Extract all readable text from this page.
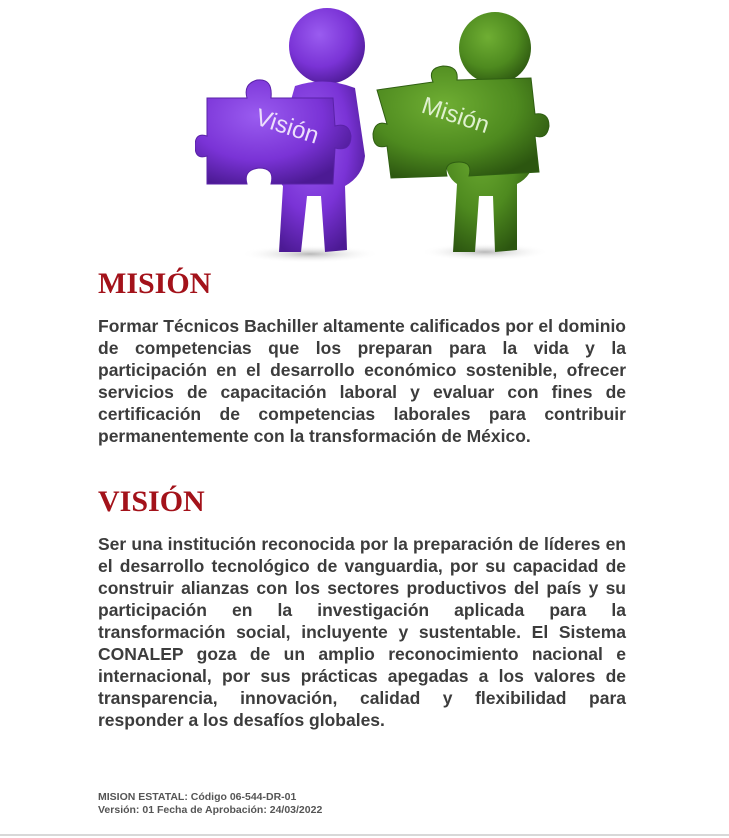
Visión	Misión
MISIÓN

Formar Técnicos Bachiller altamente calificados por el dominio de competencias que los preparan para la vida y la participación en el desarrollo económico sostenible, ofrecer servicios de capacitación laboral y evaluar con fines de certificación de competencias laborales para contribuir permanentemente con la transformación de México.

VISIÓN

Ser una institución reconocida por la preparación de líderes en el desarrollo tecnológico de vanguardia, por su capacidad de construir alianzas con los sectores productivos del país y su participación en la investigación aplicada para la transformación social, incluyente y sustentable. El Sistema CONALEP goza de un amplio reconocimiento nacional e internacional, por sus prácticas apegadas a los valores de transparencia, innovación, calidad y flexibilidad para responder a los desafíos globales.

MISION ESTATAL: Código 06-544-DR-01
Versión: 01 Fecha de Aprobación: 24/03/2022
